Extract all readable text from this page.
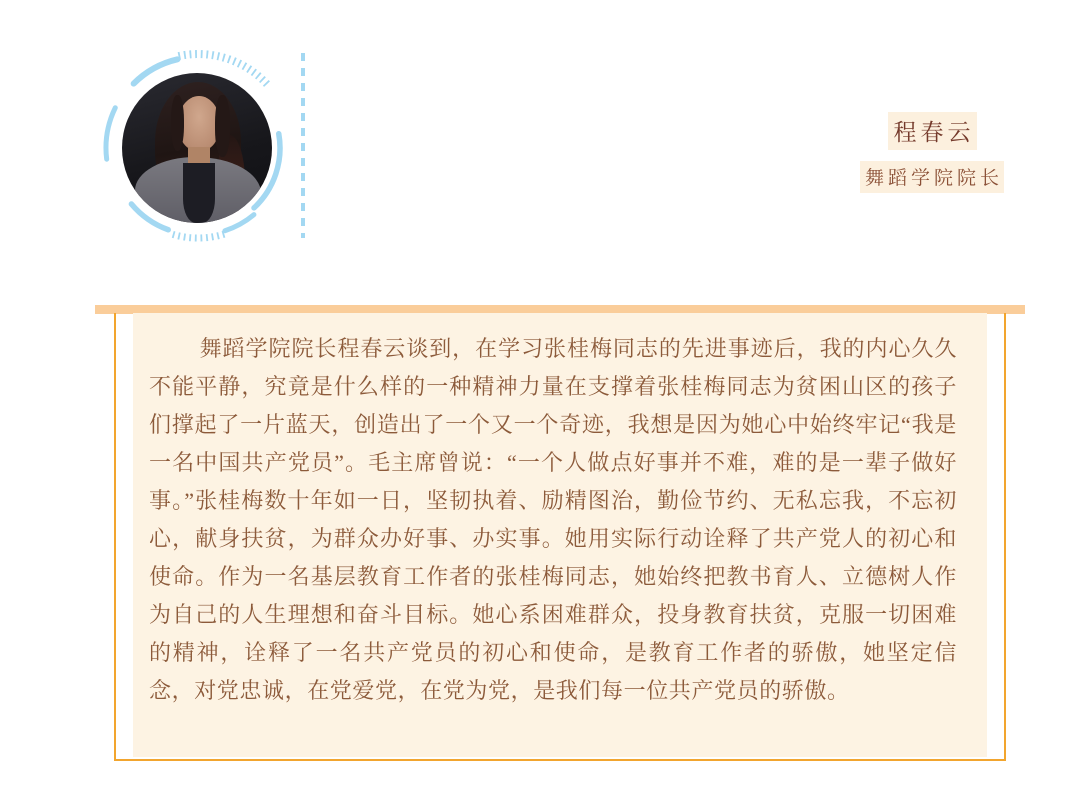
程春云
舞蹈学院院长

舞蹈学院院长程春云谈到，在学习张桂梅同志的先进事迹后，我的内心久久不能平静，究竟是什么样的一种精神力量在支撑着张桂梅同志为贫困山区的孩子们撑起了一片蓝天，创造出了一个又一个奇迹，我想是因为她心中始终牢记“我是一名中国共产党员”。毛主席曾说：“一个人做点好事并不难，难的是一辈子做好事。”张桂梅数十年如一日，坚韧执着、励精图治，勤俭节约、无私忘我，不忘初心，献身扶贫，为群众办好事、办实事。她用实际行动诠释了共产党人的初心和使命。作为一名基层教育工作者的张桂梅同志，她始终把教书育人、立德树人作为自己的人生理想和奋斗目标。她心系困难群众，投身教育扶贫，克服一切困难的精神，诠释了一名共产党员的初心和使命，是教育工作者的骄傲，她坚定信念，对党忠诚，在党爱党，在党为党，是我们每一位共产党员的骄傲。
